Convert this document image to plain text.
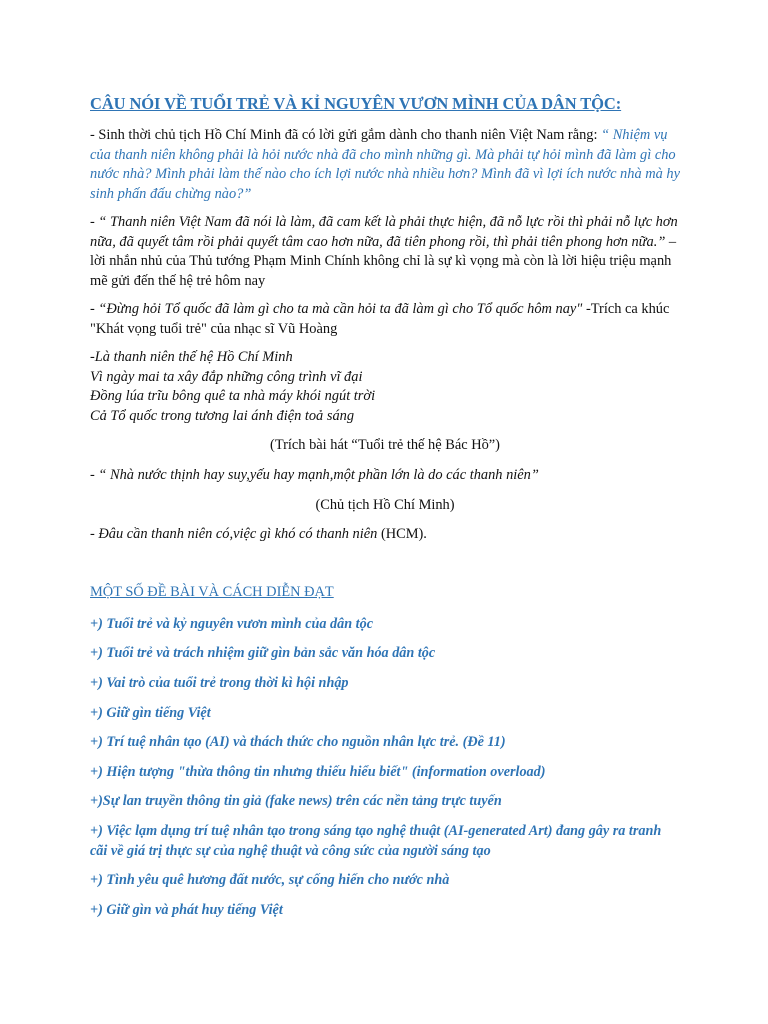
CÂU NÓI VỀ TUỔI TRẺ VÀ KỈ NGUYÊN VƯƠN MÌNH CỦA DÂN TỘC:
- Sinh thời chủ tịch Hồ Chí Minh đã có lời gửi gắm dành cho thanh niên Việt Nam rằng: “ Nhiệm vụ của thanh niên không phải là hỏi nước nhà đã cho mình những gì. Mà phải tự hỏi mình đã làm gì cho nước nhà? Mình phải làm thế nào cho ích lợi nước nhà nhiều hơn? Mình đã vì lợi ích nước nhà mà hy sinh phấn đấu chừng nào?”
- “ Thanh niên Việt Nam đã nói là làm, đã cam kết là phải thực hiện, đã nỗ lực rồi thì phải nỗ lực hơn nữa, đã quyết tâm rồi phải quyết tâm cao hơn nữa, đã tiên phong rồi, thì phải tiên phong hơn nữa.” – lời nhắn nhủ của Thủ tướng Phạm Minh Chính không chỉ là sự kì vọng mà còn là lời hiệu triệu mạnh mẽ gửi đến thế hệ trẻ hôm nay
- “Đừng hỏi Tổ quốc đã làm gì cho ta mà cần hỏi ta đã làm gì cho Tổ quốc hôm nay" -Trích ca khúc "Khát vọng tuổi trẻ" của nhạc sĩ Vũ Hoàng
-Là thanh niên thế hệ Hồ Chí Minh
Vì ngày mai ta xây đắp những công trình vĩ đại
Đồng lúa trĩu bông quê ta nhà máy khói ngút trời
Cả Tổ quốc trong tương lai ánh điện toả sáng
(Trích bài hát “Tuổi trẻ thế hệ Bác Hồ”)
- “ Nhà nước thịnh hay suy,yếu hay mạnh,một phần lớn là do các thanh niên”
(Chủ tịch Hồ Chí Minh)
- Đâu cần thanh niên có,việc gì khó có thanh niên (HCM).
MỘT SỐ ĐỀ BÀI VÀ CÁCH DIỄN ĐẠT
+) Tuổi trẻ và kỷ nguyên vươn mình của dân tộc
+) Tuổi trẻ và trách nhiệm giữ gìn bản sắc văn hóa dân tộc
+) Vai trò của tuổi trẻ trong thời kì hội nhập
+) Giữ gìn tiếng Việt
+) Trí tuệ nhân tạo (AI) và thách thức cho nguồn nhân lực trẻ. (Đề 11)
+) Hiện tượng "thừa thông tin nhưng thiếu hiểu biết" (information overload)
+)Sự lan truyền thông tin giả (fake news) trên các nền tảng trực tuyến
+) Việc lạm dụng trí tuệ nhân tạo trong sáng tạo nghệ thuật (AI-generated Art) đang gây ra tranh cãi về giá trị thực sự của nghệ thuật và công sức của người sáng tạo
+) Tình yêu quê hương đất nước, sự cống hiến cho nước nhà
+) Giữ gìn và phát huy tiếng Việt
